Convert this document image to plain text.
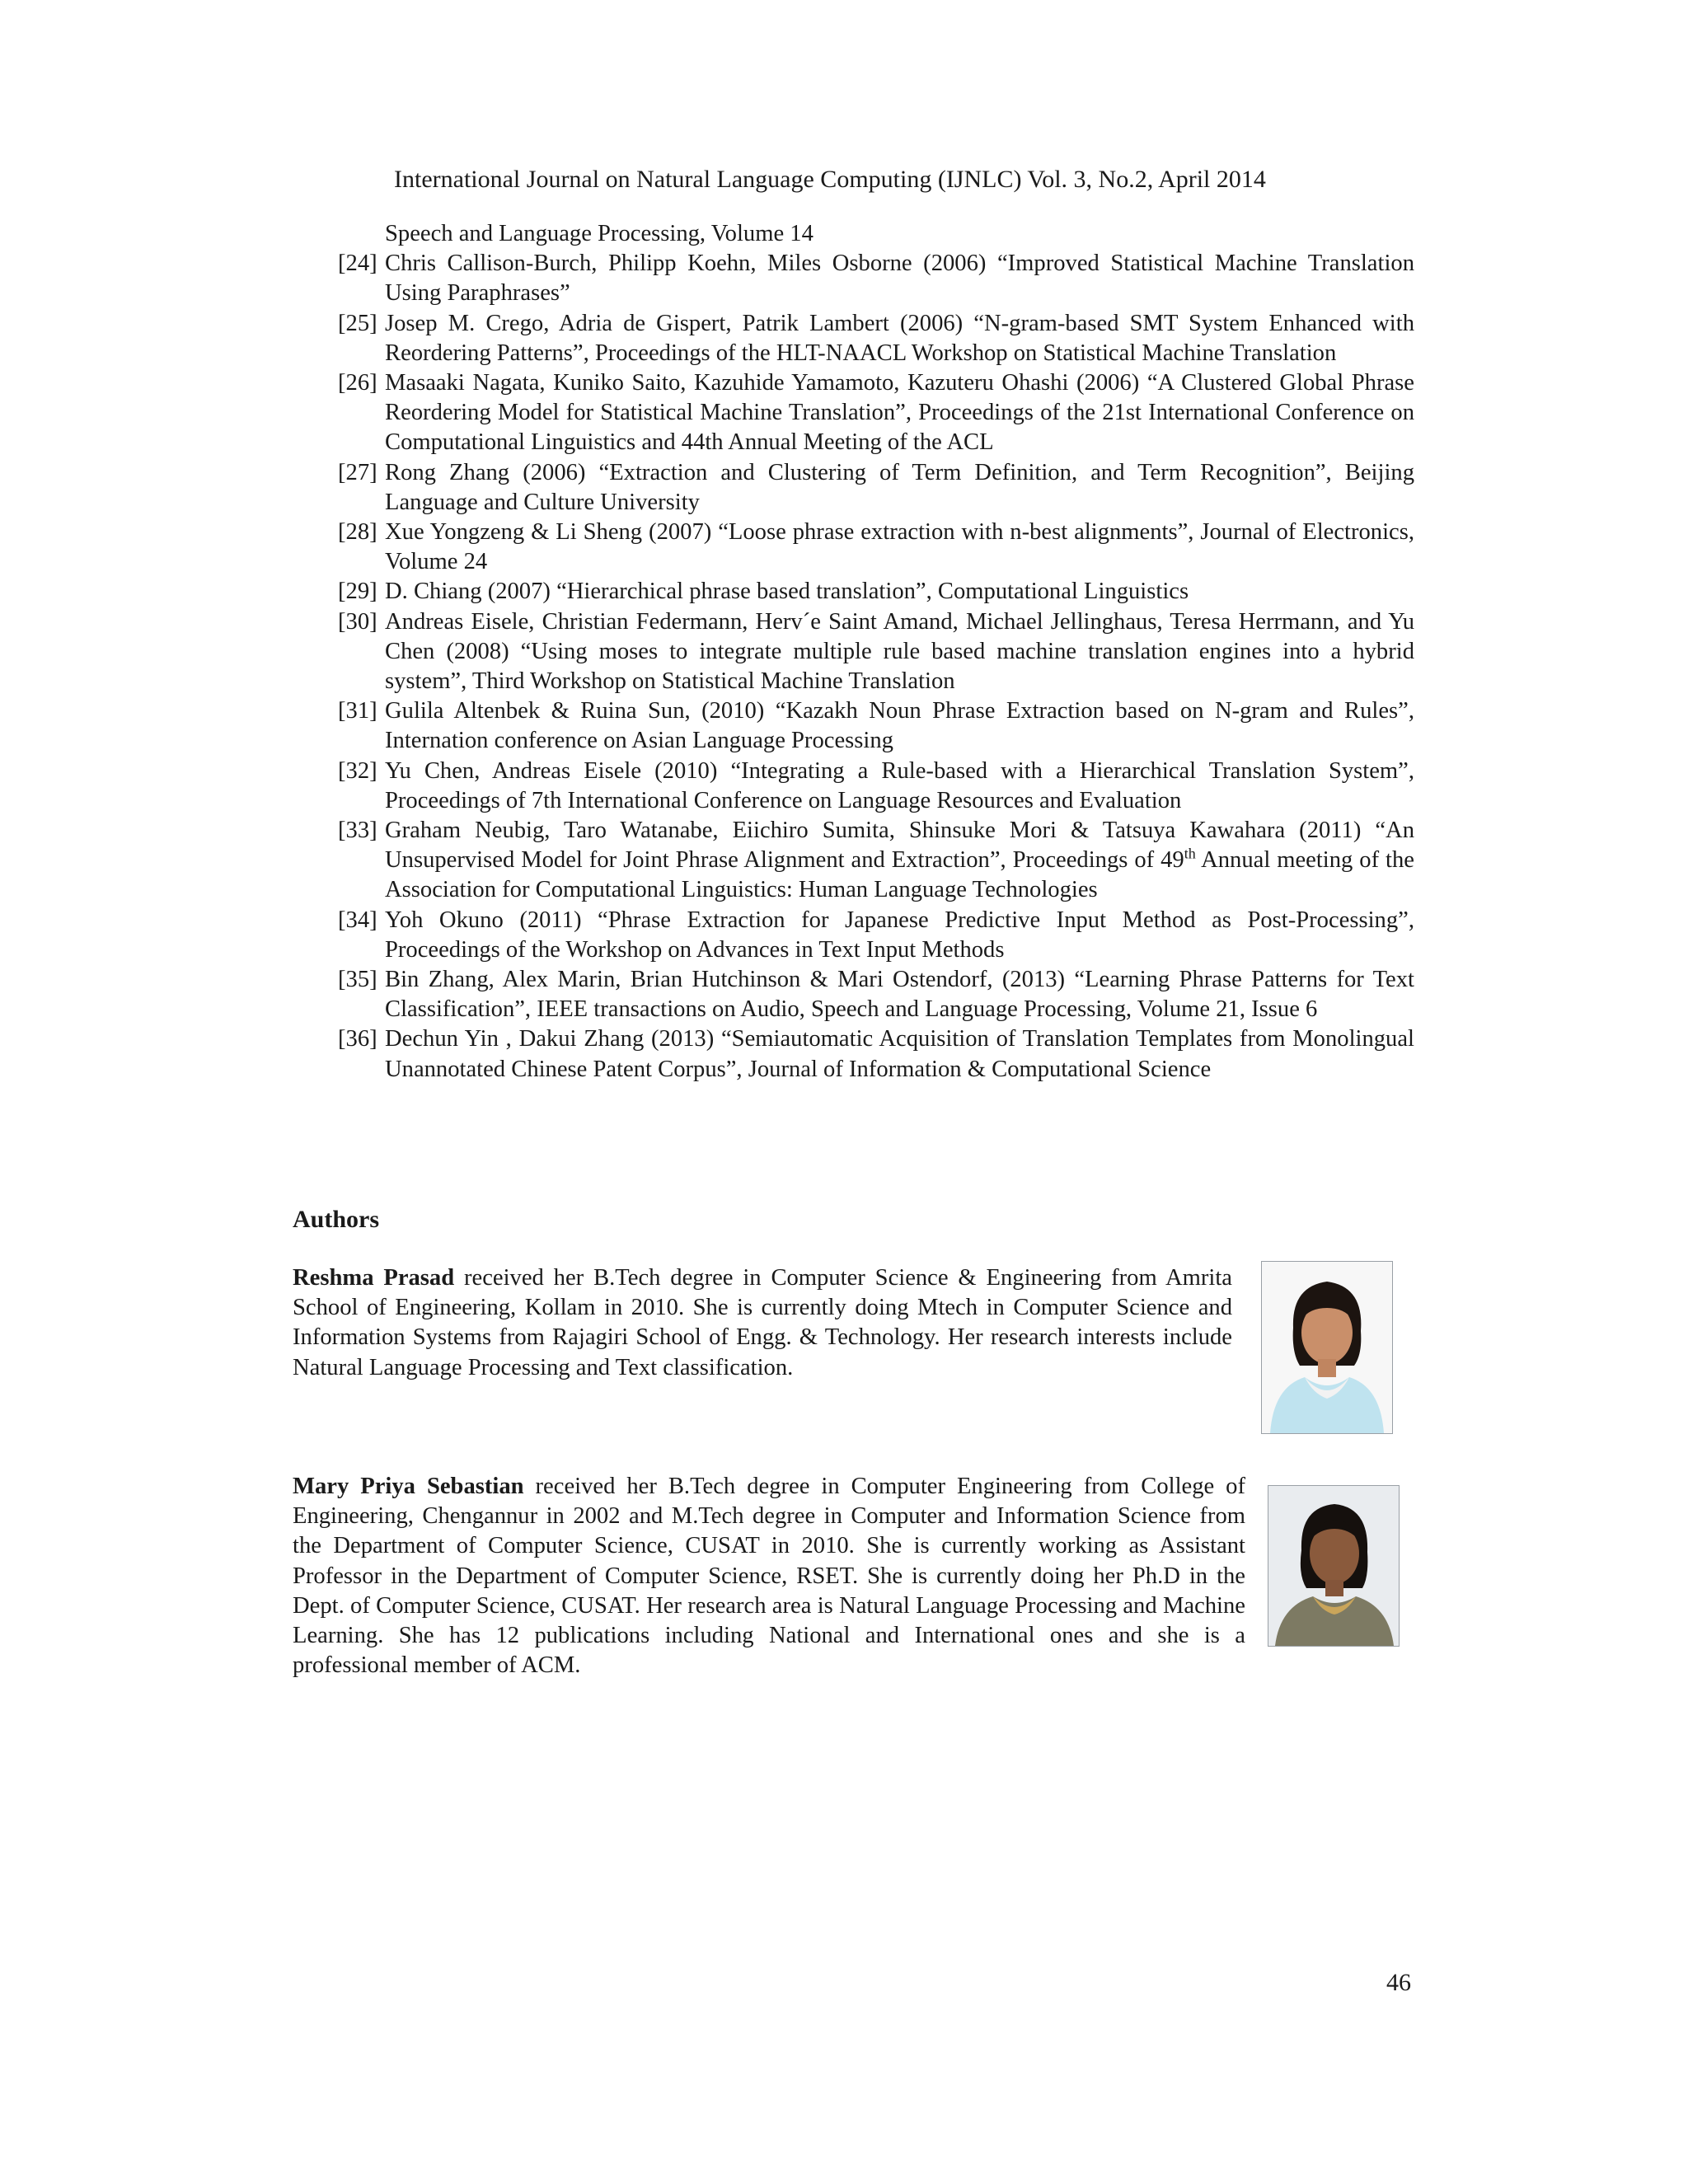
International Journal on Natural Language Computing (IJNLC) Vol. 3, No.2, April 2014
Speech and Language Processing, Volume 14
[24] Chris Callison-Burch, Philipp Koehn, Miles Osborne (2006) “Improved Statistical Machine Translation Using Paraphrases”
[25] Josep M. Crego, Adria de Gispert, Patrik Lambert (2006) “N-gram-based SMT System Enhanced with Reordering Patterns”, Proceedings of the HLT-NAACL Workshop on Statistical Machine Translation
[26] Masaaki Nagata, Kuniko Saito, Kazuhide Yamamoto, Kazuteru Ohashi (2006) “A Clustered Global Phrase Reordering Model for Statistical Machine Translation”, Proceedings of the 21st International Conference on Computational Linguistics and 44th Annual Meeting of the ACL
[27] Rong Zhang (2006) “Extraction and Clustering of Term Definition, and Term Recognition”, Beijing Language and Culture University
[28] Xue Yongzeng & Li Sheng (2007) “Loose phrase extraction with n-best alignments”, Journal of Electronics, Volume 24
[29] D. Chiang (2007) “Hierarchical phrase based translation”, Computational Linguistics
[30] Andreas Eisele, Christian Federmann, Herv´e Saint Amand, Michael Jellinghaus, Teresa Herrmann, and Yu Chen (2008) “Using moses to integrate multiple rule based machine translation engines into a hybrid system”, Third Workshop on Statistical Machine Translation
[31] Gulila Altenbek & Ruina Sun, (2010) “Kazakh Noun Phrase Extraction based on N-gram and Rules”, Internation conference on Asian Language Processing
[32] Yu Chen, Andreas Eisele (2010) “Integrating a Rule-based with a Hierarchical Translation System”, Proceedings of 7th International Conference on Language Resources and Evaluation
[33] Graham Neubig, Taro Watanabe, Eiichiro Sumita, Shinsuke Mori & Tatsuya Kawahara (2011) “An Unsupervised Model for Joint Phrase Alignment and Extraction”, Proceedings of 49th Annual meeting of the Association for Computational Linguistics: Human Language Technologies
[34] Yoh Okuno (2011) “Phrase Extraction for Japanese Predictive Input Method as Post-Processing”, Proceedings of the Workshop on Advances in Text Input Methods
[35] Bin Zhang, Alex Marin, Brian Hutchinson & Mari Ostendorf, (2013) “Learning Phrase Patterns for Text Classification”, IEEE transactions on Audio, Speech and Language Processing, Volume 21, Issue 6
[36] Dechun Yin , Dakui Zhang (2013) “Semiautomatic Acquisition of Translation Templates from Monolingual Unannotated Chinese Patent Corpus”, Journal of Information & Computational Science
Authors
Reshma Prasad received her B.Tech degree in Computer Science & Engineering from Amrita School of Engineering, Kollam in 2010. She is currently doing Mtech in Computer Science and Information Systems from Rajagiri School of Engg. & Technology. Her research interests include Natural Language Processing and Text classification.
Mary Priya Sebastian received her B.Tech degree in Computer Engineering from College of Engineering, Chengannur in 2002 and M.Tech degree in Computer and Information Science from the Department of Computer Science, CUSAT in 2010. She is currently working as Assistant Professor in the Department of Computer Science, RSET. She is currently doing her Ph.D in the Dept. of Computer Science, CUSAT. Her research area is Natural Language Processing and Machine Learning. She has 12 publications including National and International ones and she is a professional member of ACM.
46
